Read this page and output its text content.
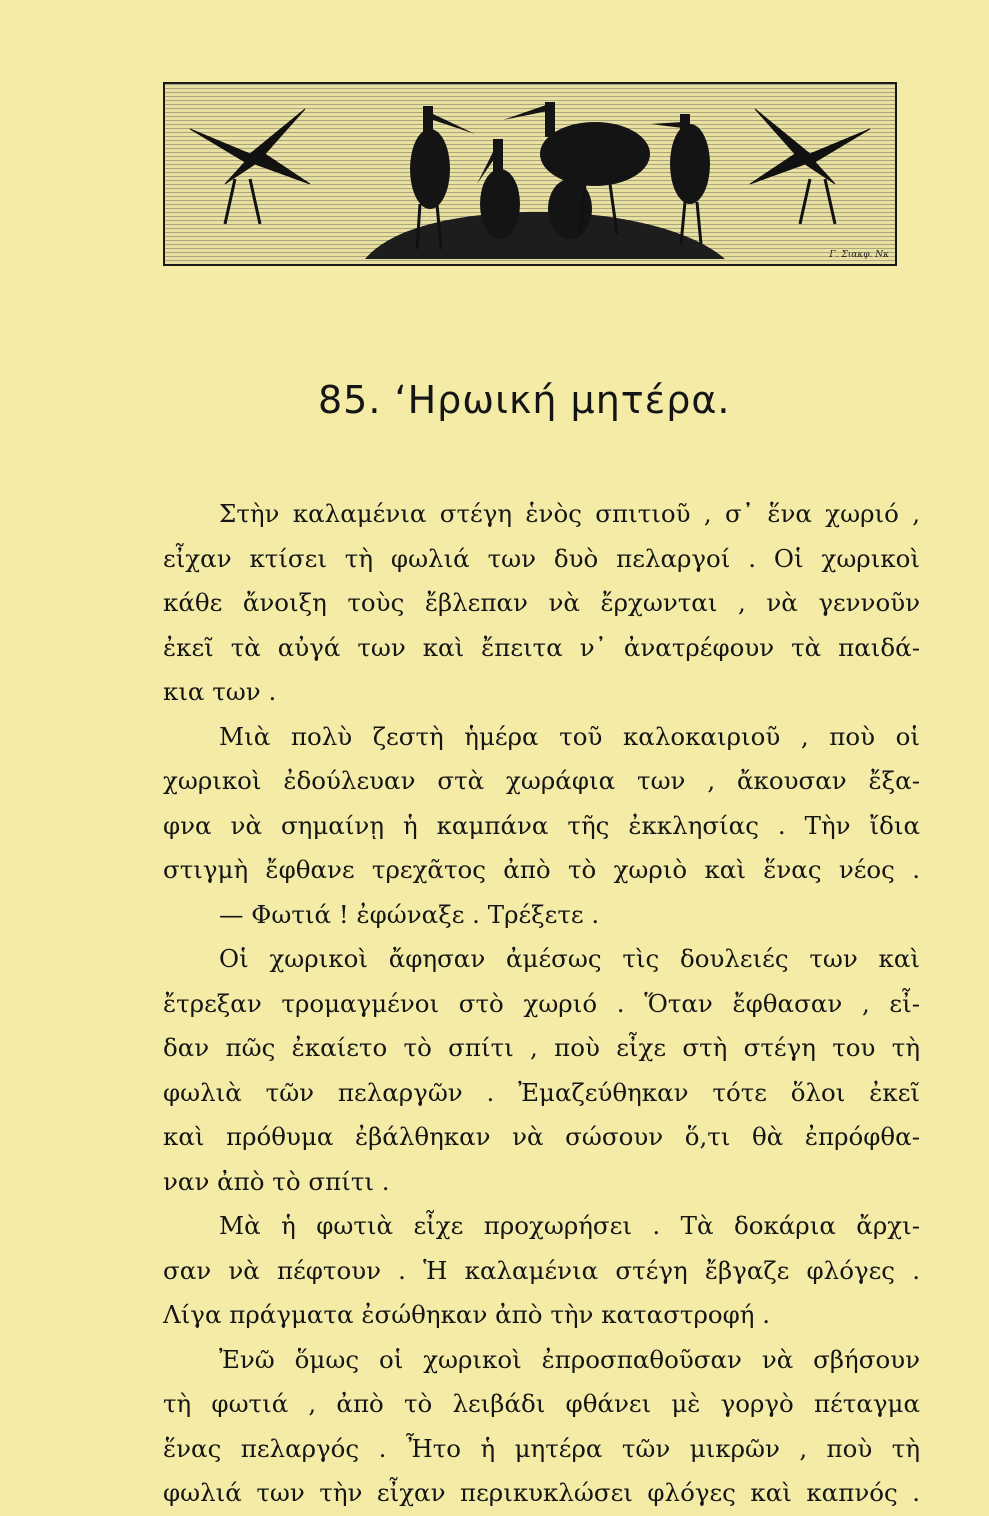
Γ. Σιακφ. Νκ
85. ‘Ηρωική μητέρα.
Στὴν καλαμένια στέγη ἑνὸς σπιτιοῦ , σ᾿ ἕνα χωριό ,
εἶχαν κτίσει τὴ φωλιά των δυὸ πελαργοί . Οἱ χωρικοὶ
κάθε ἄνοιξη τοὺς ἔβλεπαν νὰ ἔρχωνται , νὰ γεννοῦν
ἐκεῖ τὰ αὐγά των καὶ ἔπειτα ν᾿ ἀνατρέφουν τὰ παιδά-
κια των .
Μιὰ πολὺ ζεστὴ ἡμέρα τοῦ καλοκαιριοῦ , ποὺ οἱ
χωρικοὶ ἐδούλευαν στὰ χωράφια των , ἄκουσαν ἔξα-
φνα νὰ σημαίνῃ ἡ καμπάνα τῆς ἐκκλησίας . Τὴν ἴδια
στιγμὴ ἔφθανε τρεχᾶτος ἀπὸ τὸ χωριὸ καὶ ἕνας νέος .
— Φωτιά ! ἐφώναξε . Τρέξετε .
Οἱ χωρικοὶ ἄφησαν ἀμέσως τὶς δουλειές των καὶ
ἔτρεξαν τρομαγμένοι στὸ χωριό . Ὅταν ἔφθασαν , εἶ-
δαν πῶς ἐκαίετο τὸ σπίτι , ποὺ εἶχε στὴ στέγη του τὴ
φωλιὰ τῶν πελαργῶν . Ἐμαζεύθηκαν τότε ὅλοι ἐκεῖ
καὶ πρόθυμα ἐβάλθηκαν νὰ σώσουν ὅ,τι θὰ ἐπρόφθα-
ναν ἀπὸ τὸ σπίτι .
Μὰ ἡ φωτιὰ εἶχε προχωρήσει . Τὰ δοκάρια ἄρχι-
σαν νὰ πέφτουν . Ἡ καλαμένια στέγη ἔβγαζε φλόγες .
Λίγα πράγματα ἐσώθηκαν ἀπὸ τὴν καταστροφή .
Ἐνῶ ὅμως οἱ χωρικοὶ ἐπροσπαθοῦσαν νὰ σβήσουν
τὴ φωτιά , ἀπὸ τὸ λειβάδι φθάνει μὲ γοργὸ πέταγμα
ἕνας πελαργός . Ἦτο ἡ μητέρα τῶν μικρῶν , ποὺ τὴ
φωλιά των τὴν εἶχαν περικυκλώσει φλόγες καὶ καπνός .
